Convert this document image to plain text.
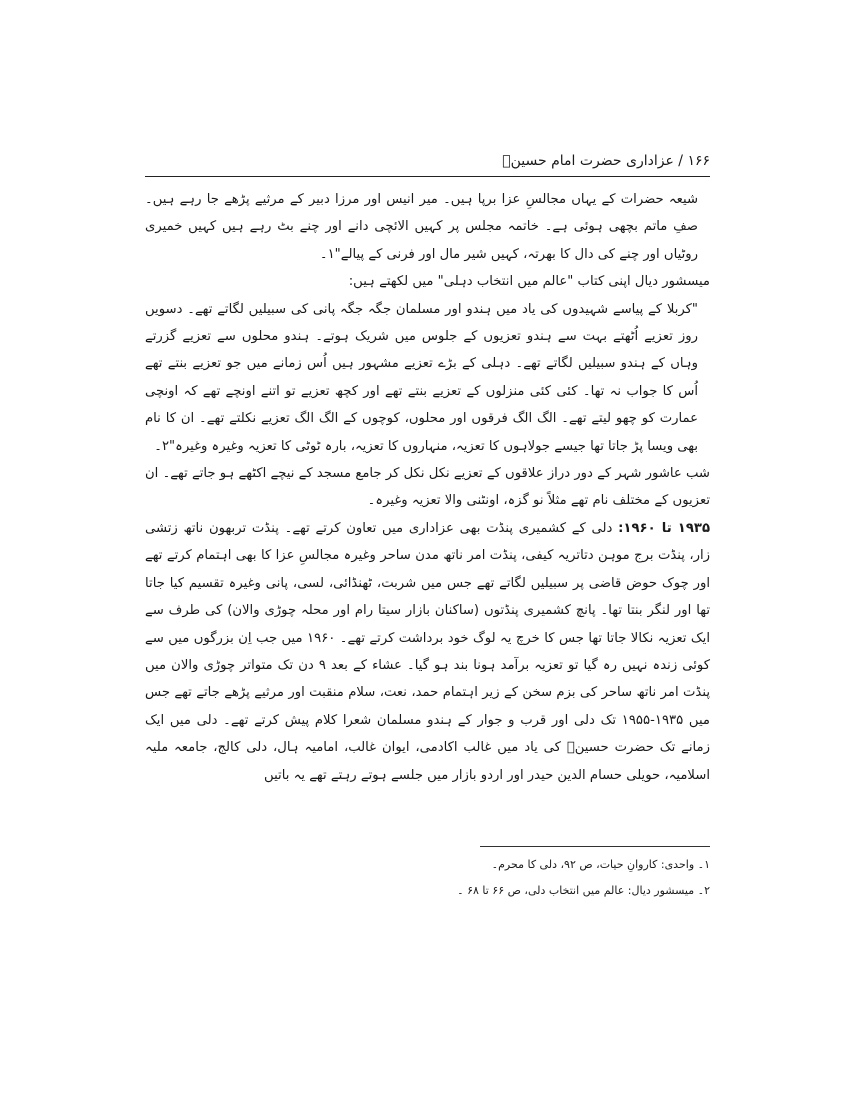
۱۶۶ / عزاداری حضرت امام حسینؑ

شیعہ حضرات کے یہاں مجالسِ عزا برپا ہیں۔ میر انیس اور مرزا دبیر کے مرثیے پڑھے جا رہے ہیں۔ صفِ ماتم بچھی ہوئی ہے۔ خاتمہ مجلس پر کہیں الائچی دانے اور چنے بٹ رہے ہیں کہیں خمیری روٹیاں اور چنے کی دال کا بھرتہ، کہیں شیر مال اور فرنی کے پیالے"۱۔

میسشور دیال اپنی کتاب "عالم میں انتخاب دہلی" میں لکھتے ہیں:

"کربلا کے پیاسے شہیدوں کی یاد میں ہندو اور مسلمان جگہ جگہ پانی کی سبیلیں لگاتے تھے۔ دسویں روز تعزیے اُٹھتے بہت سے ہندو تعزیوں کے جلوس میں شریک ہوتے۔ ہندو محلوں سے تعزیے گزرتے وہاں کے ہندو سبیلیں لگاتے تھے۔ دہلی کے بڑے تعزیے مشہور ہیں اُس زمانے میں جو تعزیے بنتے تھے اُس کا جواب نہ تھا۔ کئی کئی منزلوں کے تعزیے بنتے تھے اور کچھ تعزیے تو اتنے اونچے تھے کہ اونچی عمارت کو چھو لیتے تھے۔ الگ الگ فرقوں اور محلوں، کوچوں کے الگ الگ تعزیے نکلتے تھے۔ ان کا نام بھی ویسا پڑ جاتا تھا جیسے جولاہوں کا تعزیہ، منہاروں کا تعزیہ، بارہ ٹوٹی کا تعزیہ وغیرہ وغیرہ"۲۔

شب عاشور شہر کے دور دراز علاقوں کے تعزیے نکل نکل کر جامع مسجد کے نیچے اکٹھے ہو جاتے تھے۔ ان تعزیوں کے مختلف نام تھے مثلاً نو گزہ، اونٹنی والا تعزیہ وغیرہ۔

۱۹۳۵ تا ۱۹۶۰: دلی کے کشمیری پنڈت بھی عزاداری میں تعاون کرتے تھے۔ پنڈت تربھون ناتھ زتشی زار، پنڈت برج موہن دتاتریہ کیفی، پنڈت امر ناتھ مدن ساحر وغیرہ مجالسِ عزا کا بھی اہتمام کرتے تھے اور چوک حوض قاضی پر سبیلیں لگاتے تھے جس میں شربت، ٹھنڈائی، لسی، پانی وغیرہ تقسیم کیا جاتا تھا اور لنگر بنتا تھا۔ پانچ کشمیری پنڈتوں (ساکنان بازار سیتا رام اور محلہ چوڑی والان) کی طرف سے ایک تعزیہ نکالا جاتا تھا جس کا خرچ یہ لوگ خود برداشت کرتے تھے۔ ۱۹۶۰ میں جب اِن بزرگوں میں سے کوئی زندہ نہیں رہ گیا تو تعزیہ برآمد ہونا بند ہو گیا۔ عشاء کے بعد ۹ دن تک متواتر چوڑی والان میں پنڈت امر ناتھ ساحر کی بزم سخن کے زیر اہتمام حمد، نعت، سلام منقبت اور مرثیے پڑھے جاتے تھے جس میں ۱۹۳۵-۱۹۵۵ تک دلی اور قرب و جوار کے ہندو مسلمان شعرا کلام پیش کرتے تھے۔ دلی میں ایک زمانے تک حضرت حسینؑ کی یاد میں غالب اکادمی، ایوان غالب، امامیہ ہال، دلی کالج، جامعہ ملیہ اسلامیہ، حویلی حسام الدین حیدر اور اردو بازار میں جلسے ہوتے رہتے تھے یہ باتیں

۱۔ واحدی: کاروانِ حیات، ص ۹۲، دلی کا محرم۔

۲۔ میسشور دیال: عالم میں انتخاب دلی، ص ۶۶ تا ۶۸ ۔
